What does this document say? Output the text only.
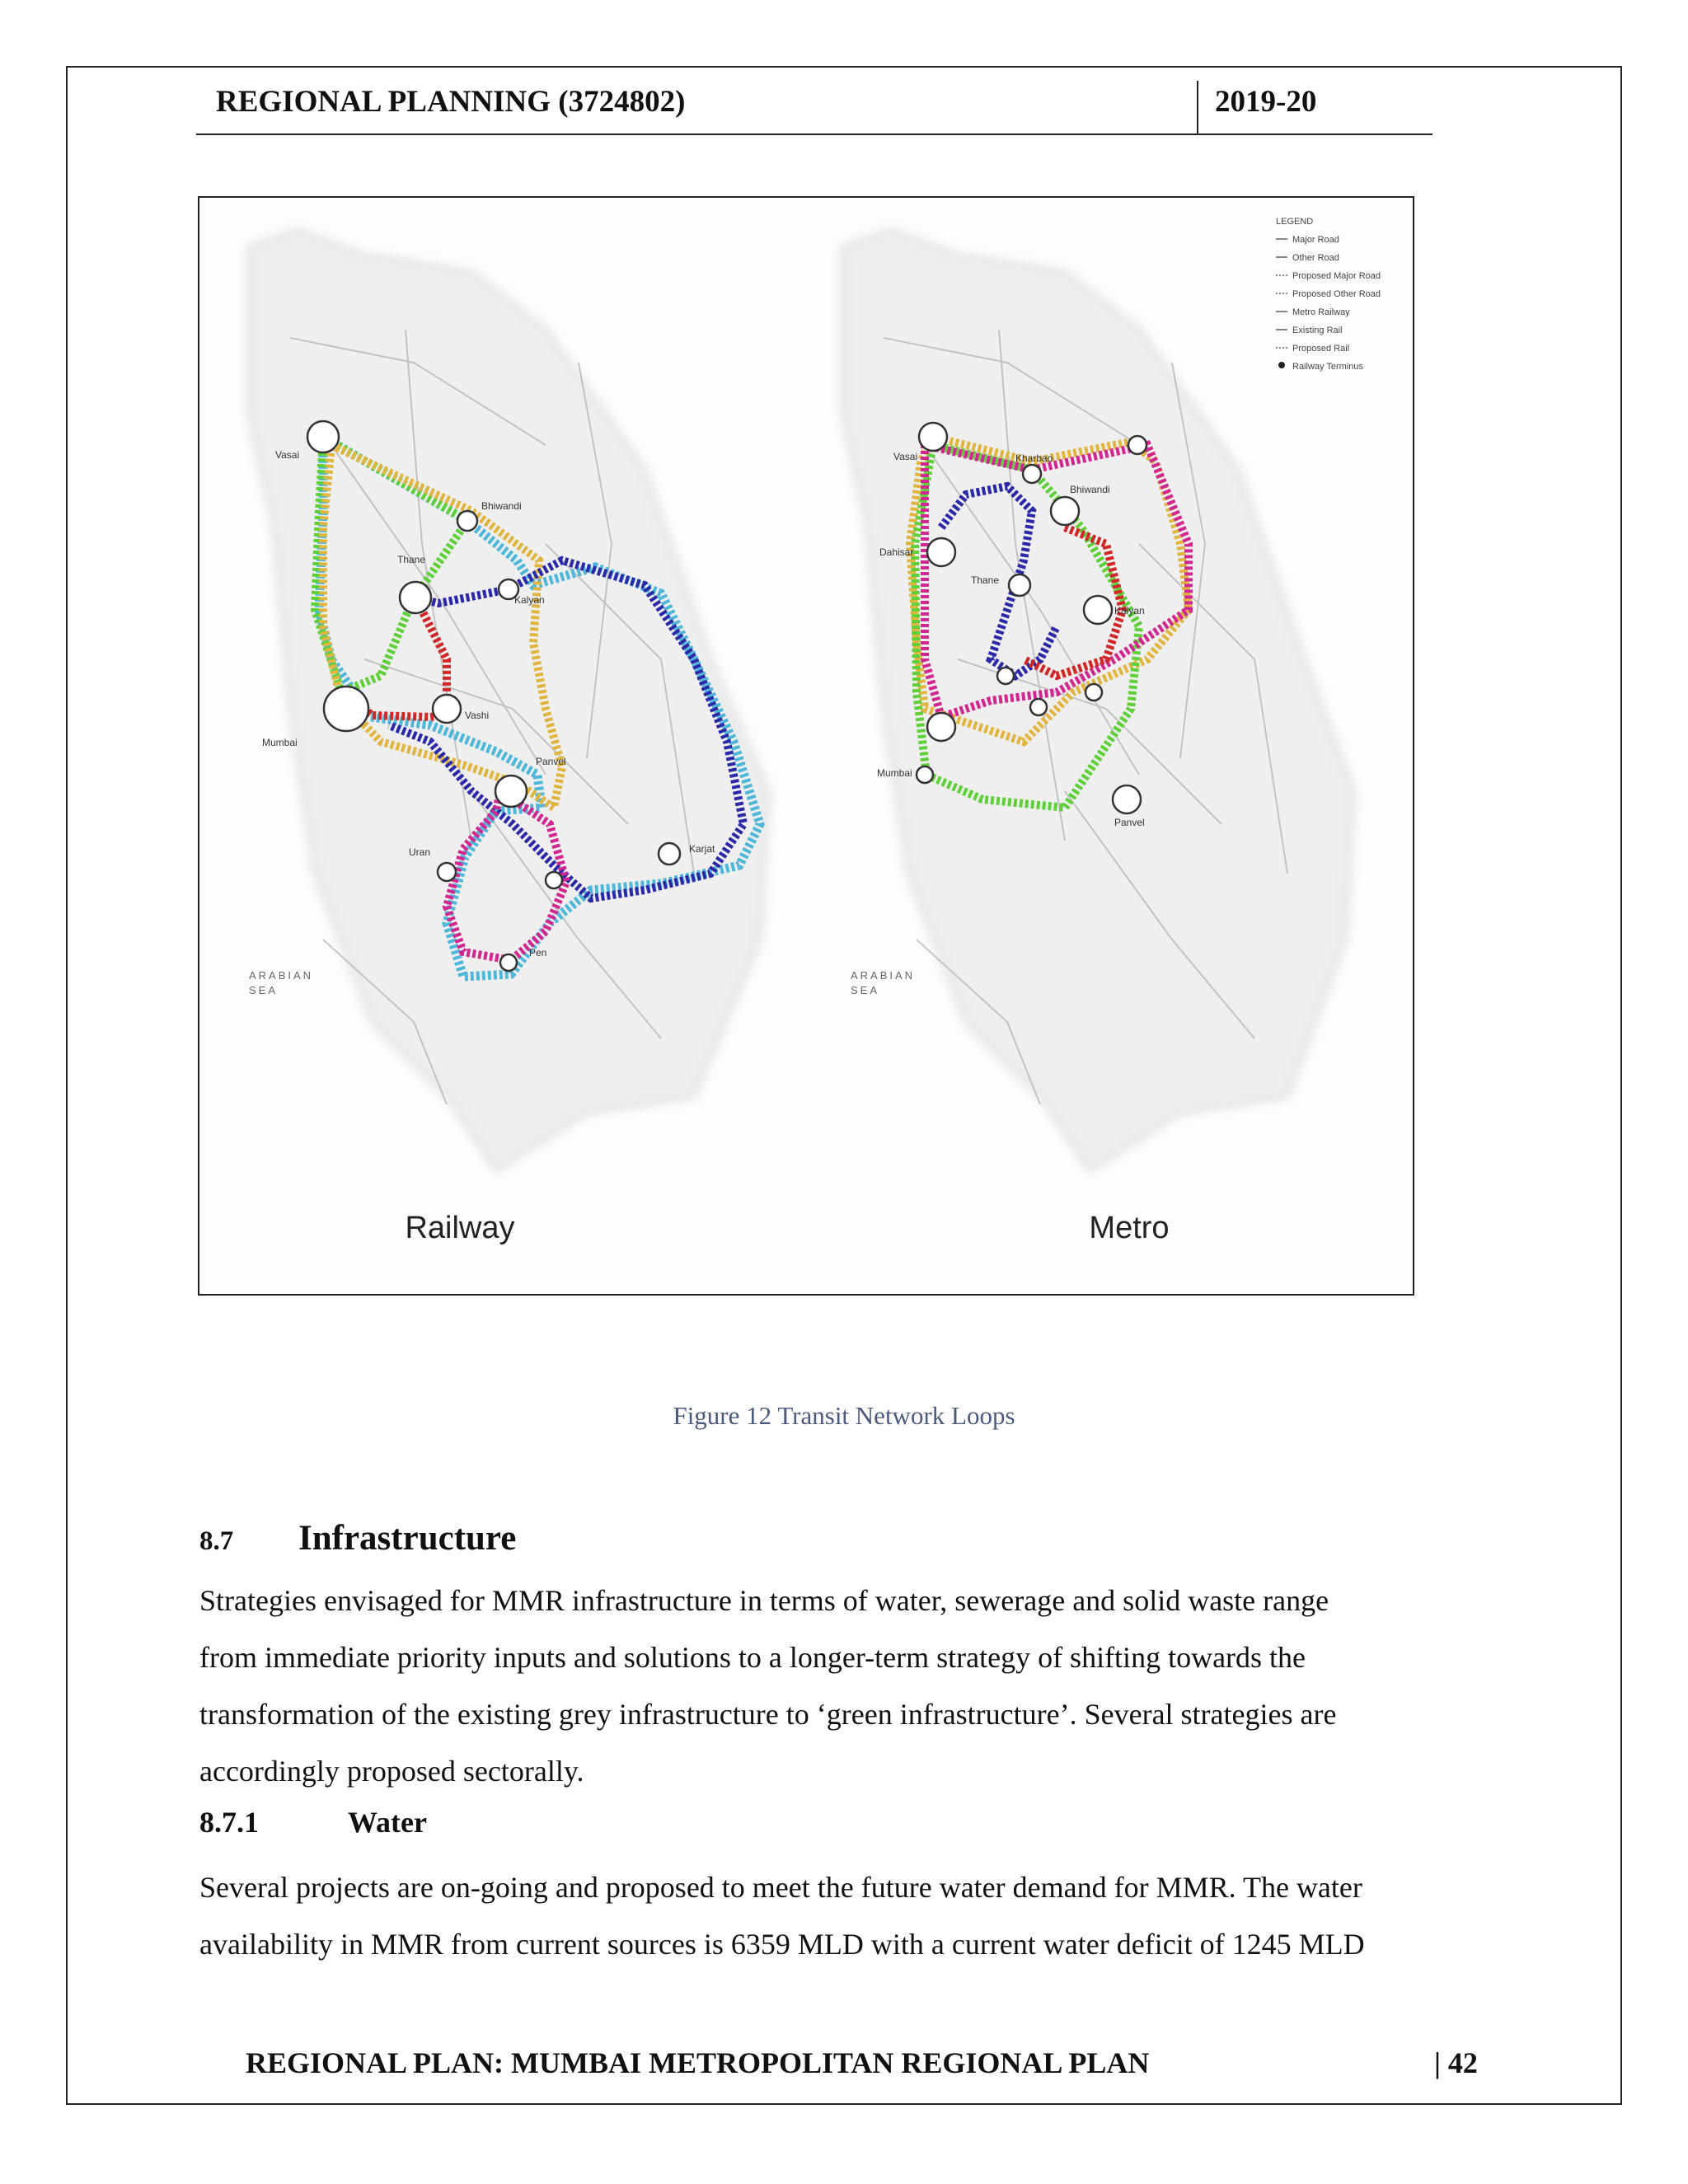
REGIONAL PLANNING (3724802)	2019-20
Vasai
Bhiwandi
Thane
Kalyan
Mumbai
Vashi
Panvel
Uran	Karjat
Pen
ARABIAN
SEA
Railway
Vasai	Kharbao
Bhiwandi
Dahisar
Thane
Kalyan
Mumbai
Panvel
ARABIAN
SEA
LEGEND
Major Road
Other Road
Proposed Major Road
Proposed Other Road
Metro Railway
Existing Rail
Proposed Rail
Railway Terminus
Metro
Figure 12 Transit Network Loops
8.7 Infrastructure
Strategies envisaged for MMR infrastructure in terms of water, sewerage and solid waste range
from immediate priority inputs and solutions to a longer-term strategy of shifting towards the
transformation of the existing grey infrastructure to ‘green infrastructure’. Several strategies are
accordingly proposed sectorally.
8.7.1	Water
Several projects are on-going and proposed to meet the future water demand for MMR. The water
availability in MMR from current sources is 6359 MLD with a current water deficit of 1245 MLD
REGIONAL PLAN: MUMBAI METROPOLITAN REGIONAL PLAN	| 42
